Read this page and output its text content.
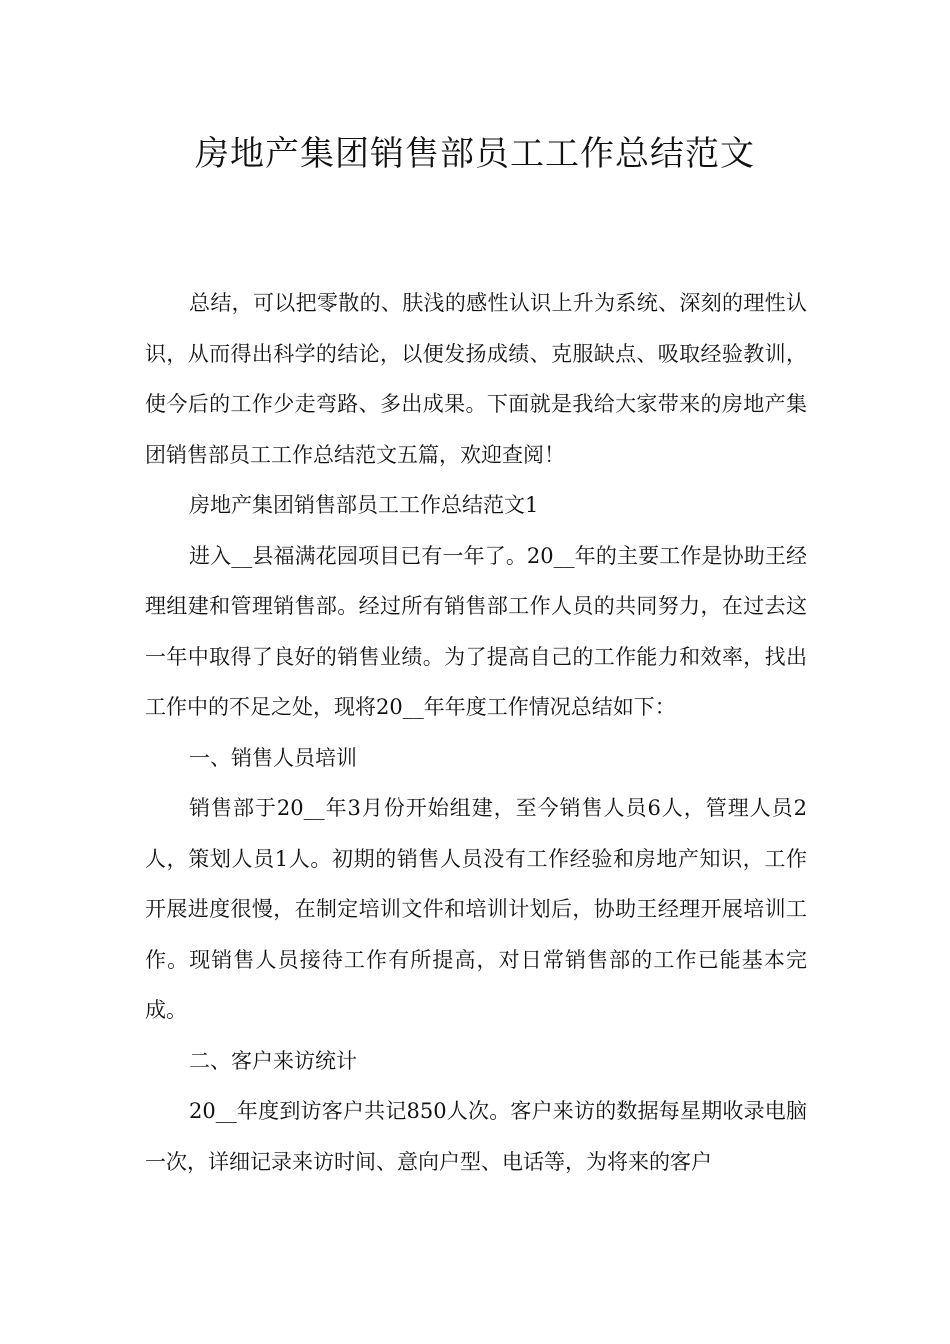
房地产集团销售部员工工作总结范文

总结，可以把零散的、肤浅的感性认识上升为系统、深刻的理性认识，从而得出科学的结论，以便发扬成绩、克服缺点、吸取经验教训，使今后的工作少走弯路、多出成果。下面就是我给大家带来的房地产集团销售部员工工作总结范文五篇，欢迎查阅！

房地产集团销售部员工工作总结范文1

进入__县福满花园项目已有一年了。20__年的主要工作是协助王经理组建和管理销售部。经过所有销售部工作人员的共同努力，在过去这一年中取得了良好的销售业绩。为了提高自己的工作能力和效率，找出工作中的不足之处，现将20__年年度工作情况总结如下：

一、销售人员培训

销售部于20__年3月份开始组建，至今销售人员6人，管理人员2人，策划人员1人。初期的销售人员没有工作经验和房地产知识，工作开展进度很慢，在制定培训文件和培训计划后，协助王经理开展培训工作。现销售人员接待工作有所提高，对日常销售部的工作已能基本完成。

二、客户来访统计

20__年度到访客户共记850人次。客户来访的数据每星期收录电脑一次，详细记录来访时间、意向户型、电话等，为将来的客户
